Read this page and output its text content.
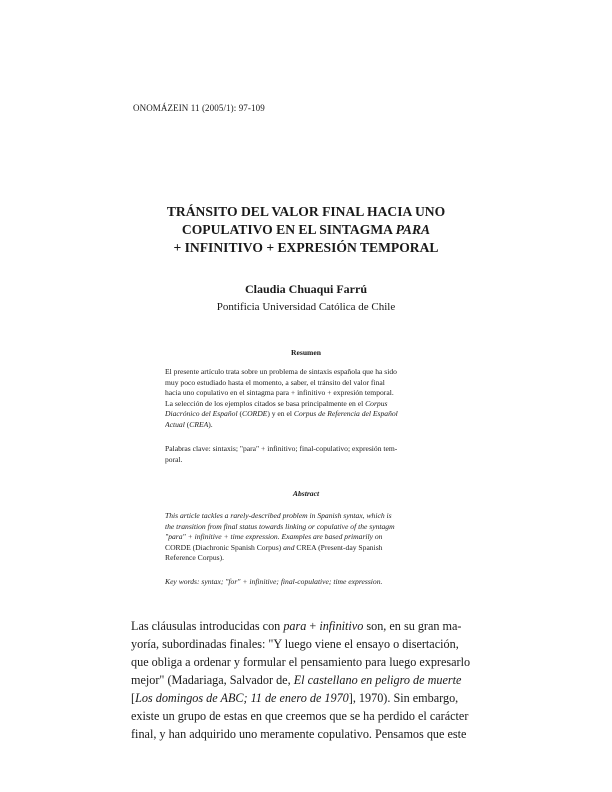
ONOMÁZEIN 11 (2005/1): 97-109
TRÁNSITO DEL VALOR FINAL HACIA UNO
COPULATIVO EN EL SINTAGMA PARA
+ INFINITIVO + EXPRESIÓN TEMPORAL
Claudia Chuaqui Farrú
Pontificia Universidad Católica de Chile
Resumen
El presente artículo trata sobre un problema de sintaxis española que ha sido
muy poco estudiado hasta el momento, a saber, el tránsito del valor final
hacia uno copulativo en el sintagma para + infinitivo + expresión temporal.
La selección de los ejemplos citados se basa principalmente en el Corpus
Diacrónico del Español (CORDE) y en el Corpus de Referencia del Español
Actual (CREA).
Palabras clave: sintaxis; "para" + infinitivo; final-copulativo; expresión tem-
poral.
Abstract
This article tackles a rarely-described problem in Spanish syntax, which is
the transition from final status towards linking or copulative of the syntagm
"para" + infinitive + time expression. Examples are based primarily on
CORDE (Diachronic Spanish Corpus) and CREA (Present-day Spanish
Reference Corpus).
Key words: syntax; "for" + infinitive; final-copulative; time expression.
Las cláusulas introducidas con para + infinitivo son, en su gran ma-
yoría, subordinadas finales: "Y luego viene el ensayo o disertación,
que obliga a ordenar y formular el pensamiento para luego expresarlo
mejor" (Madariaga, Salvador de, El castellano en peligro de muerte
[Los domingos de ABC; 11 de enero de 1970], 1970). Sin embargo,
existe un grupo de estas en que creemos que se ha perdido el carácter
final, y han adquirido uno meramente copulativo. Pensamos que este
